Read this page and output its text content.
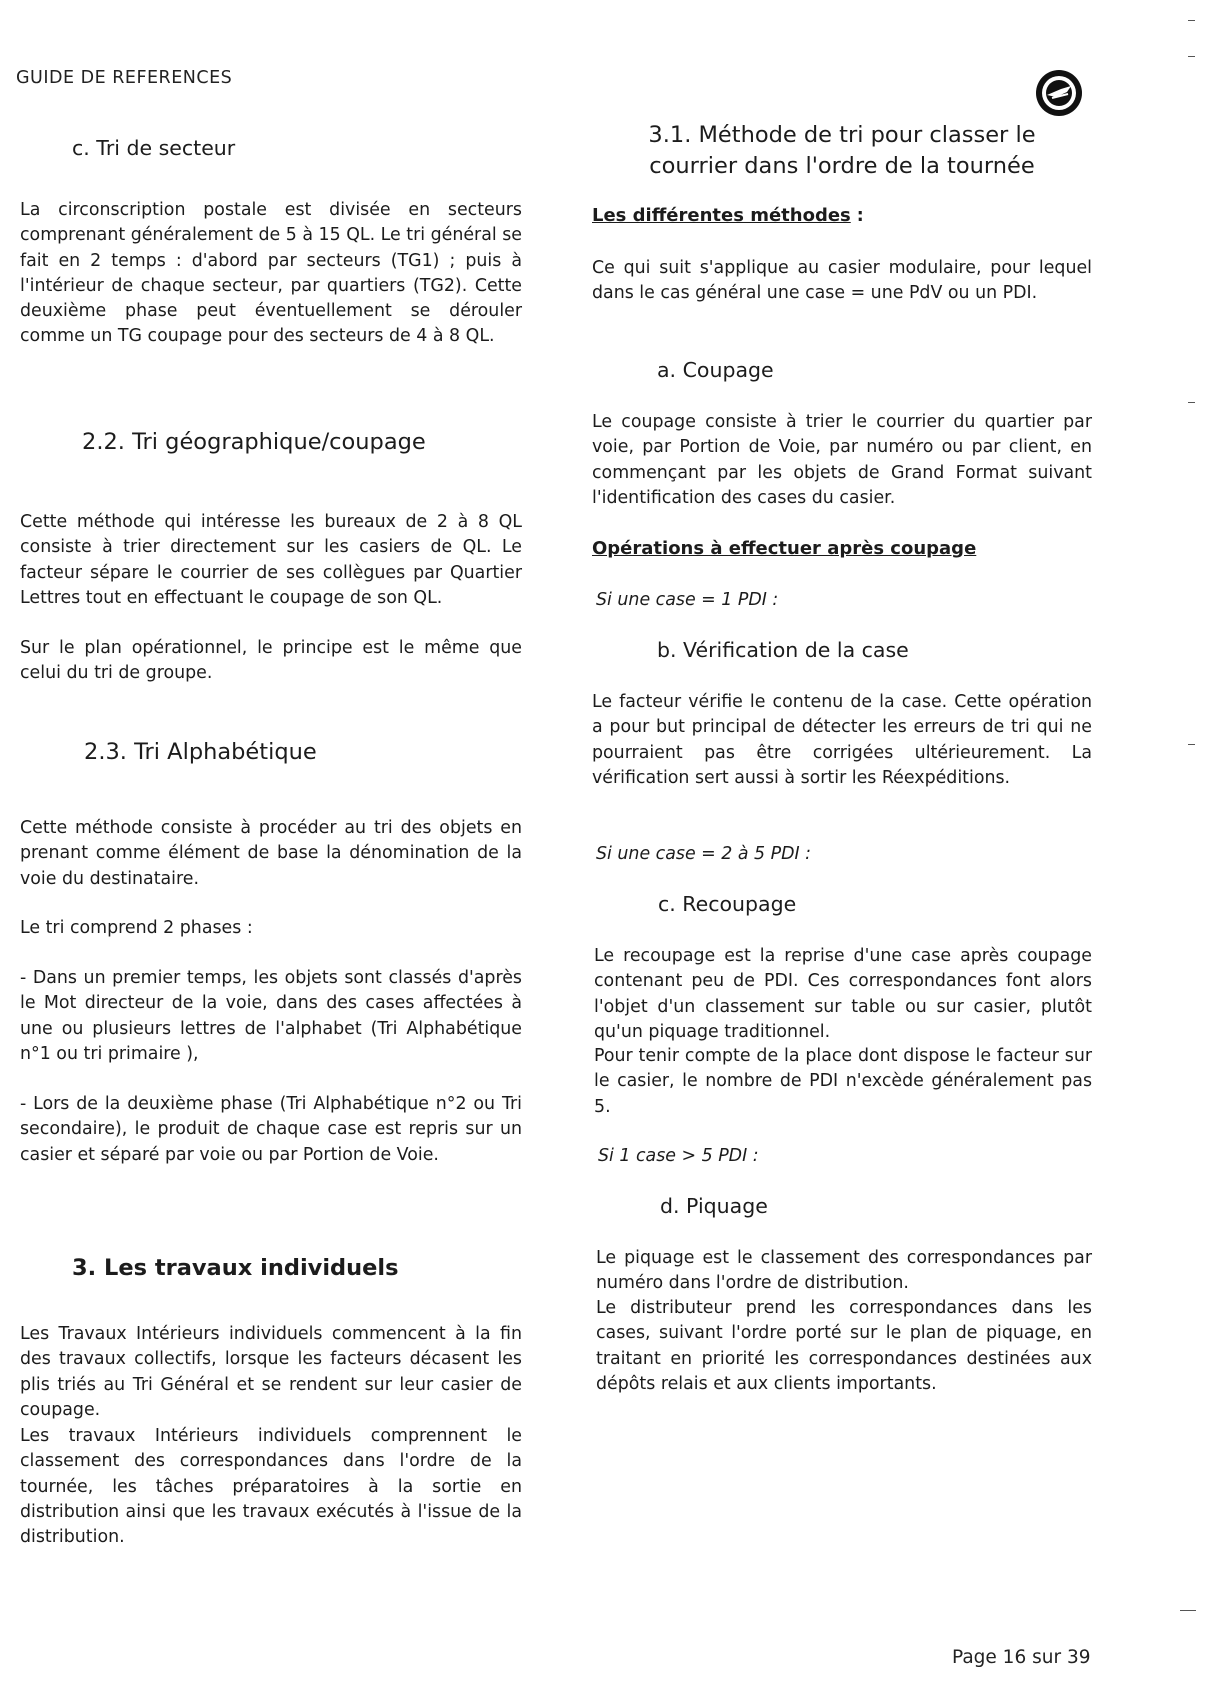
GUIDE DE REFERENCES
c. Tri de secteur

La circonscription postale est divisée en secteurs comprenant généralement de 5 à 15 QL. Le tri général se fait en 2 temps : d'abord par secteurs (TG1) ; puis à l'intérieur de chaque secteur, par quartiers (TG2). Cette deuxième phase peut éventuellement se dérouler comme un TG coupage pour des secteurs de 4 à 8 QL.

2.2. Tri géographique/coupage

Cette méthode qui intéresse les bureaux de 2 à 8 QL consiste à trier directement sur les casiers de QL. Le facteur sépare le courrier de ses collègues par Quartier Lettres tout en effectuant le coupage de son QL.

Sur le plan opérationnel, le principe est le même que celui du tri de groupe.

2.3. Tri Alphabétique

Cette méthode consiste à procéder au tri des objets en prenant comme élément de base la dénomination de la voie du destinataire.

Le tri comprend 2 phases :

- Dans un premier temps, les objets sont classés d'après le Mot directeur de la voie, dans des cases affectées à une ou plusieurs lettres de l'alphabet (Tri Alphabétique n°1 ou tri primaire ),

- Lors de la deuxième phase (Tri Alphabétique n°2 ou Tri secondaire), le produit de chaque case est repris sur un casier et séparé par voie ou par Portion de Voie.

3. Les travaux individuels

Les Travaux Intérieurs individuels commencent à la fin des travaux collectifs, lorsque les facteurs décasent les plis triés au Tri Général et se rendent sur leur casier de coupage.

Les travaux Intérieurs individuels comprennent le classement des correspondances dans l'ordre de la tournée, les tâches préparatoires à la sortie en distribution ainsi que les travaux exécutés à l'issue de la distribution.

3.1. Méthode de tri pour classer le
courrier dans l'ordre de la tournée
Les différentes méthodes :

Ce qui suit s'applique au casier modulaire, pour lequel dans le cas général une case = une PdV ou un PDI.

a. Coupage

Le coupage consiste à trier le courrier du quartier par voie, par Portion de Voie, par numéro ou par client, en commençant par les objets de Grand Format suivant l'identification des cases du casier.

Opérations à effectuer après coupage
Si une case = 1 PDI :
b. Vérification de la case

Le facteur vérifie le contenu de la case. Cette opération a pour but principal de détecter les erreurs de tri qui ne pourraient pas être corrigées ultérieurement. La vérification sert aussi à sortir les Réexpéditions.

Si une case = 2 à 5 PDI :
c. Recoupage

Le recoupage est la reprise d'une case après coupage contenant peu de PDI. Ces correspondances font alors l'objet d'un classement sur table ou sur casier, plutôt qu'un piquage traditionnel.

Pour tenir compte de la place dont dispose le facteur sur le casier, le nombre de PDI n'excède généralement pas 5.

Si 1 case > 5 PDI :
d. Piquage

Le piquage est le classement des correspondances par numéro dans l'ordre de distribution.

Le distributeur prend les correspondances dans les cases, suivant l'ordre porté sur le plan de piquage, en traitant en priorité les correspondances destinées aux dépôts relais et aux clients importants.

Page 16 sur 39
